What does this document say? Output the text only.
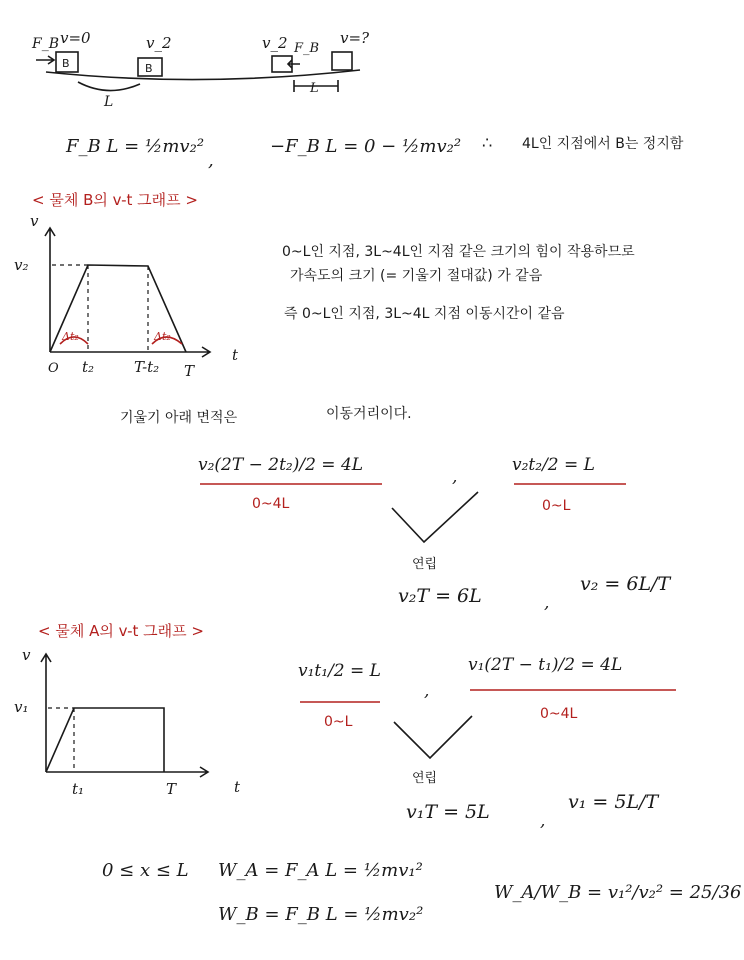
F_B v=0
B	B
v_2	v_2 F_B
v=?
L
L
F_B L = ½mv₂²
,
−F_B L = 0 − ½mv₂² ∴ 4L인 지점에서 B는 정지함
< 물체 B의 v-t 그래프 >
v
v₂
t
O t₂	T-t₂ T
Δt₂	Δt₂
0~L인 지점, 3L~4L인 지점 같은 크기의 힘이 작용하므로
가속도의 크기 (= 기울기 절대값) 가 같음
즉 0~L인 지점, 3L~4L 지점 이동시간이 같음
기울기 아래 면적은	이동거리이다.
v₂(2T − 2t₂)/2 = 4L
0~4L
,
v₂t₂/2 = L
0~L
연립
v₂T = 6L	,
v₂ = 6L/T
< 물체 A의 v-t 그래프 >
v
v₁
t₁	T	t
v₁t₁/2 = L
0~L
,
v₁(2T − t₁)/2 = 4L
0~4L
연립
v₁T = 5L	,
v₁ = 5L/T
0 ≤ x ≤ L W_A = F_A L = ½mv₁²
W_B = F_B L = ½mv₂²
W_A/W_B = v₁²/v₂² = 25/36
